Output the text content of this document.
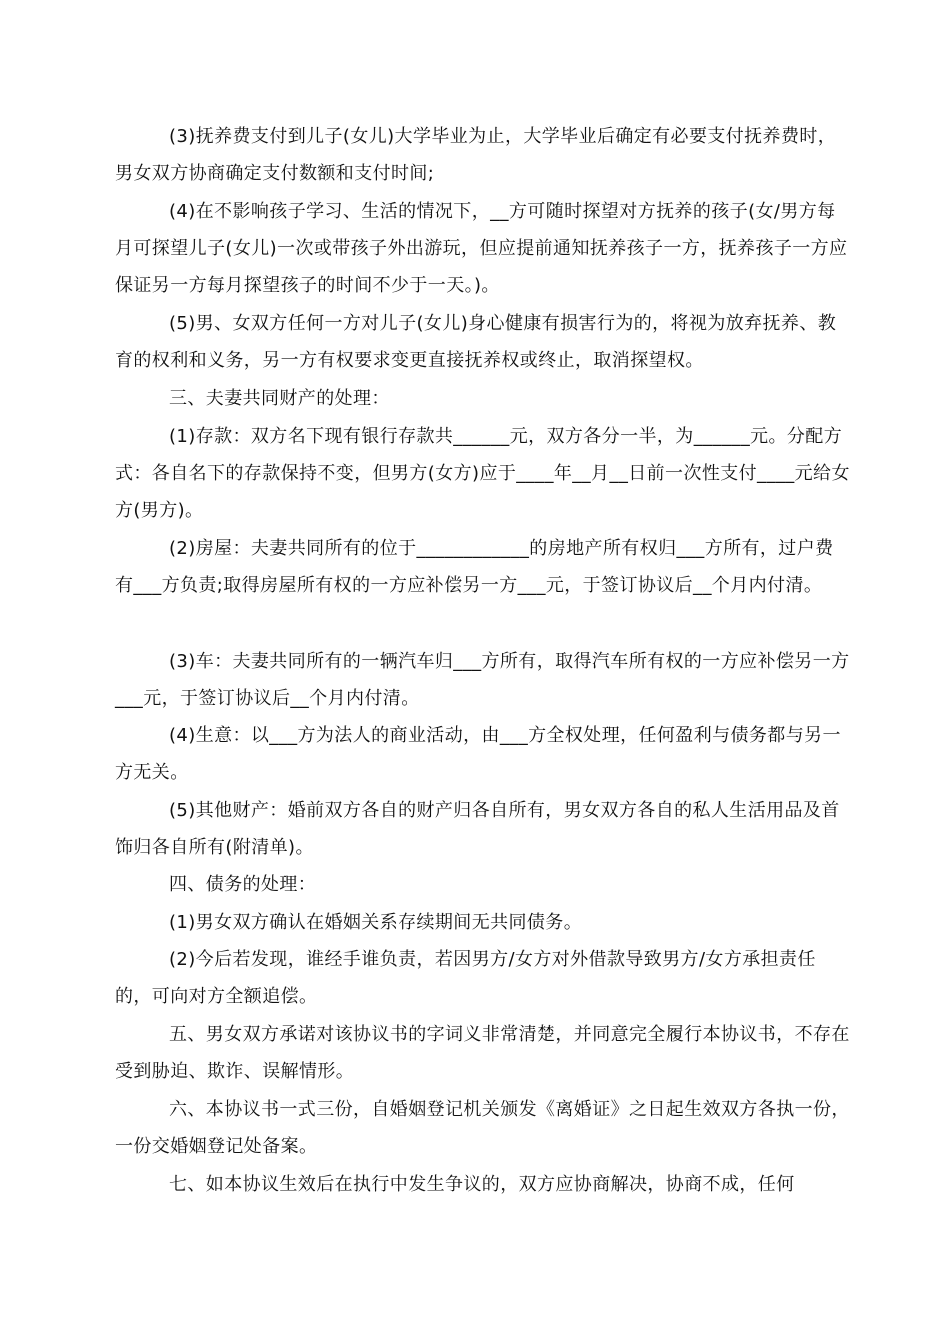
(3)抚养费支付到儿子(女儿)大学毕业为止，大学毕业后确定有必要支付抚养费时，男女双方协商确定支付数额和支付时间;

(4)在不影响孩子学习、生活的情况下，__方可随时探望对方抚养的孩子(女/男方每月可探望儿子(女儿)一次或带孩子外出游玩，但应提前通知抚养孩子一方，抚养孩子一方应保证另一方每月探望孩子的时间不少于一天。)。

(5)男、女双方任何一方对儿子(女儿)身心健康有损害行为的，将视为放弃抚养、教育的权利和义务，另一方有权要求变更直接抚养权或终止，取消探望权。

三、夫妻共同财产的处理：

(1)存款：双方名下现有银行存款共______元，双方各分一半，为______元。分配方式：各自名下的存款保持不变，但男方(女方)应于____年__月__日前一次性支付____元给女方(男方)。

(2)房屋：夫妻共同所有的位于____________的房地产所有权归___方所有，过户费有___方负责;取得房屋所有权的一方应补偿另一方___元，于签订协议后__个月内付清。

(3)车：夫妻共同所有的一辆汽车归___方所有，取得汽车所有权的一方应补偿另一方___元，于签订协议后__个月内付清。

(4)生意：以___方为法人的商业活动，由___方全权处理，任何盈利与债务都与另一方无关。

(5)其他财产：婚前双方各自的财产归各自所有，男女双方各自的私人生活用品及首饰归各自所有(附清单)。

四、债务的处理：

(1)男女双方确认在婚姻关系存续期间无共同债务。

(2)今后若发现，谁经手谁负责，若因男方/女方对外借款导致男方/女方承担责任的，可向对方全额追偿。

五、男女双方承诺对该协议书的字词义非常清楚，并同意完全履行本协议书，不存在受到胁迫、欺诈、误解情形。

六、本协议书一式三份，自婚姻登记机关颁发《离婚证》之日起生效双方各执一份，一份交婚姻登记处备案。

七、如本协议生效后在执行中发生争议的，双方应协商解决，协商不成，任何
